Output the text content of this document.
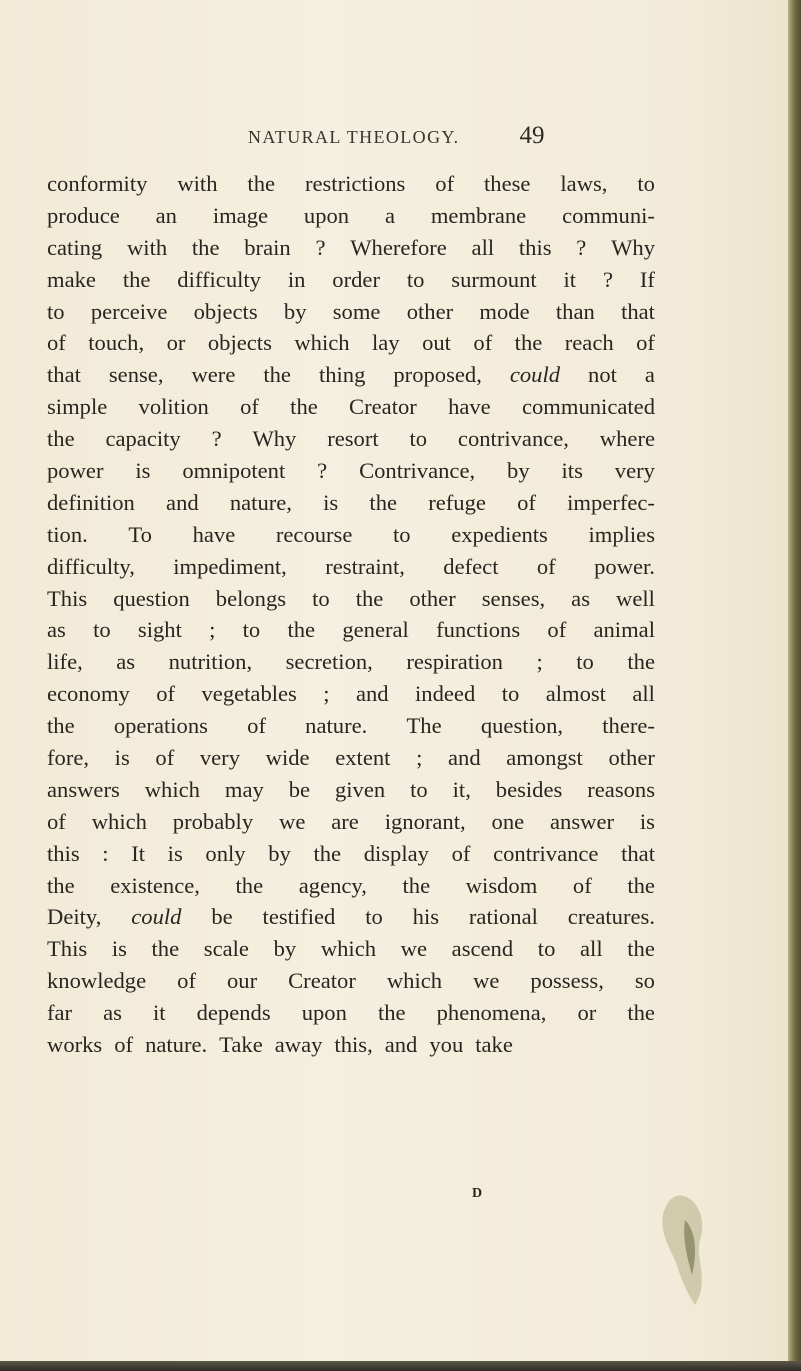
NATURAL THEOLOGY. 49
conformity with the restrictions of these laws, to
produce an image upon a membrane communi-
cating with the brain ? Wherefore all this ? Why
make the difficulty in order to surmount it ? If
to perceive objects by some other mode than that
of touch, or objects which lay out of the reach of
that sense, were the thing proposed, could not a
simple volition of the Creator have communicated
the capacity ? Why resort to contrivance, where
power is omnipotent ? Contrivance, by its very
definition and nature, is the refuge of imperfec-
tion. To have recourse to expedients implies
difficulty, impediment, restraint, defect of power.
This question belongs to the other senses, as well
as to sight ; to the general functions of animal
life, as nutrition, secretion, respiration ; to the
economy of vegetables ; and indeed to almost all
the operations of nature. The question, there-
fore, is of very wide extent ; and amongst other
answers which may be given to it, besides reasons
of which probably we are ignorant, one answer is
this : It is only by the display of contrivance that
the existence, the agency, the wisdom of the
Deity, could be testified to his rational creatures.
This is the scale by which we ascend to all the
knowledge of our Creator which we possess, so
far as it depends upon the phenomena, or the
works of nature. Take away this, and you take
D
